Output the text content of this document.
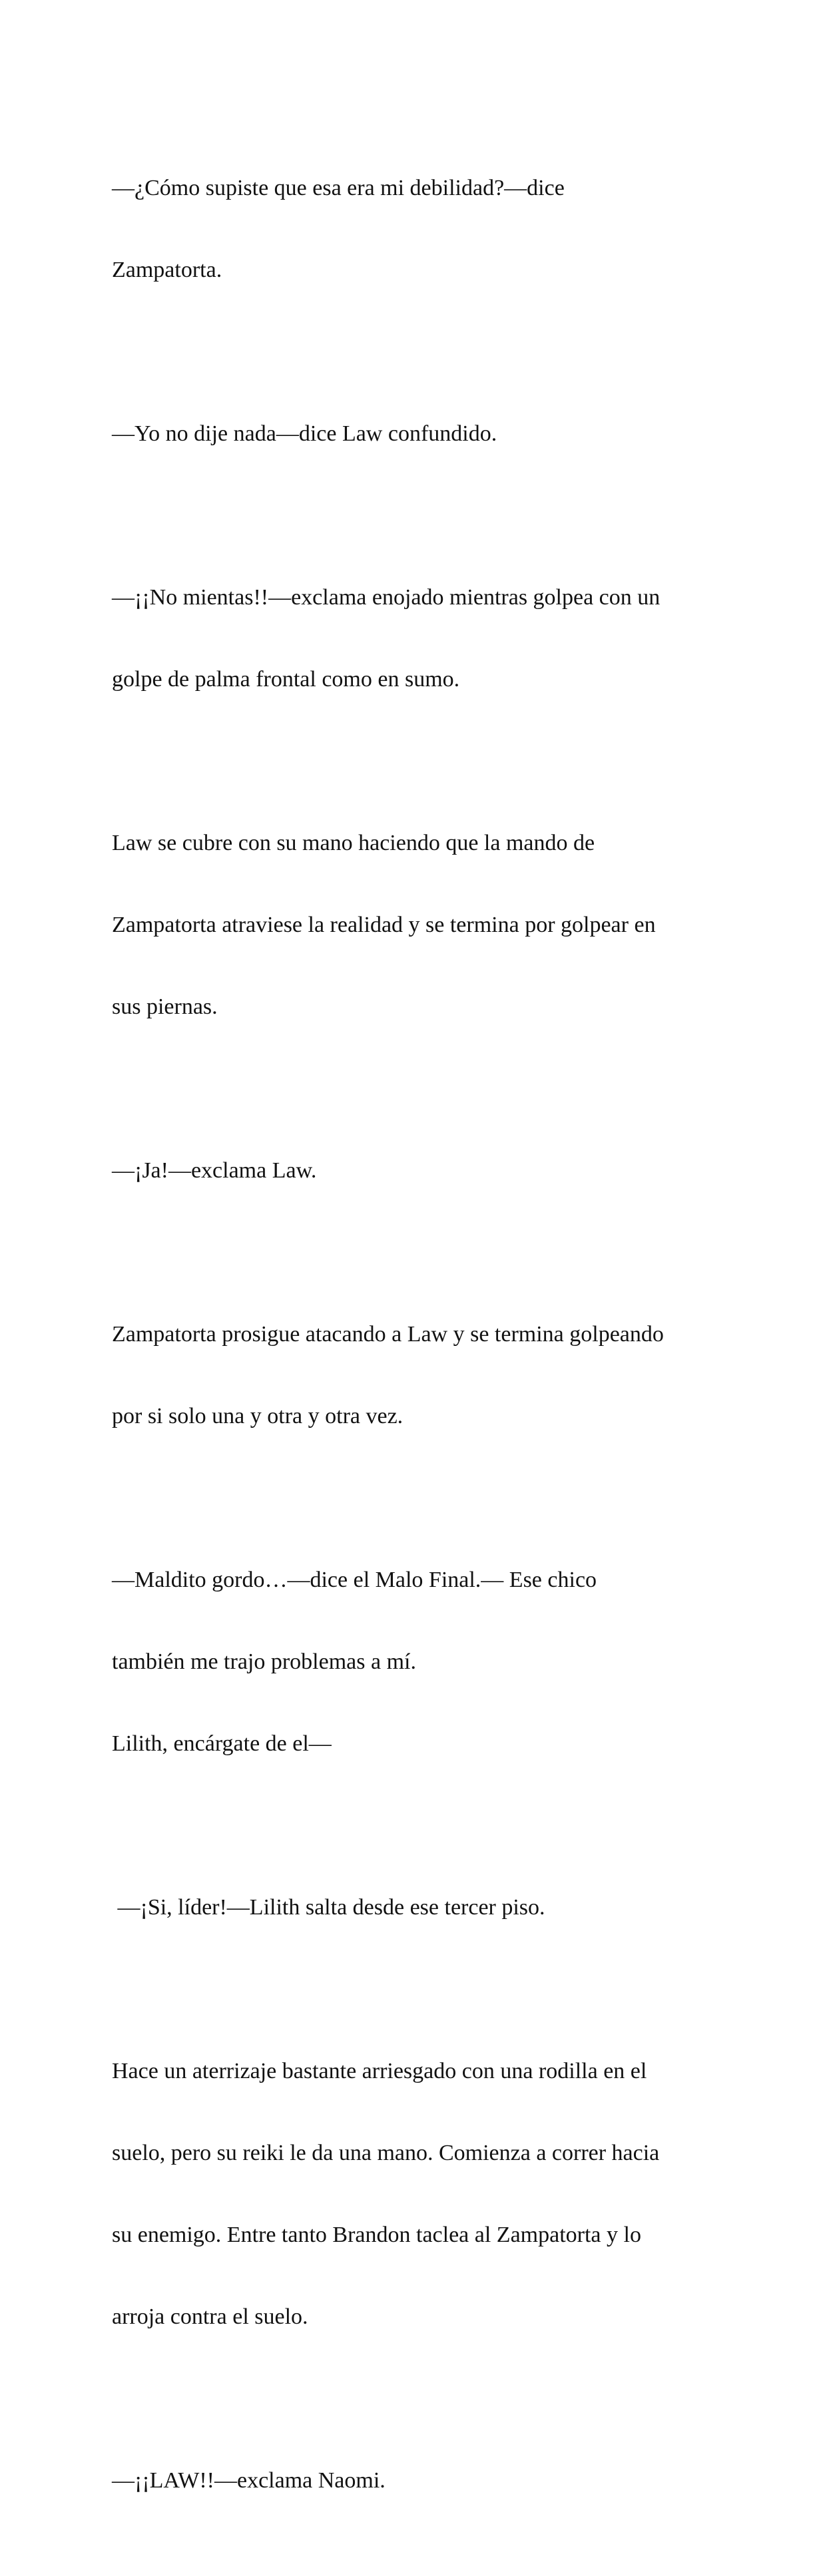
—¿Cómo supiste que esa era mi debilidad?—dice

Zampatorta.

—Yo no dije nada—dice Law confundido.

—¡¡No mientas!!—exclama enojado mientras golpea con un

golpe de palma frontal como en sumo.

Law se cubre con su mano haciendo que la mando de

Zampatorta atraviese la realidad y se termina por golpear en

sus piernas.

—¡Ja!—exclama Law.

Zampatorta prosigue atacando a Law y se termina golpeando

por si solo una y otra y otra vez.

—Maldito gordo…—dice el Malo Final.— Ese chico

también me trajo problemas a mí.

Lilith, encárgate de el—

—¡Si, líder!—Lilith salta desde ese tercer piso.

Hace un aterrizaje bastante arriesgado con una rodilla en el

suelo, pero su reiki le da una mano. Comienza a correr hacia

su enemigo. Entre tanto Brandon taclea al Zampatorta y lo

arroja contra el suelo.

—¡¡LAW!!—exclama Naomi.
